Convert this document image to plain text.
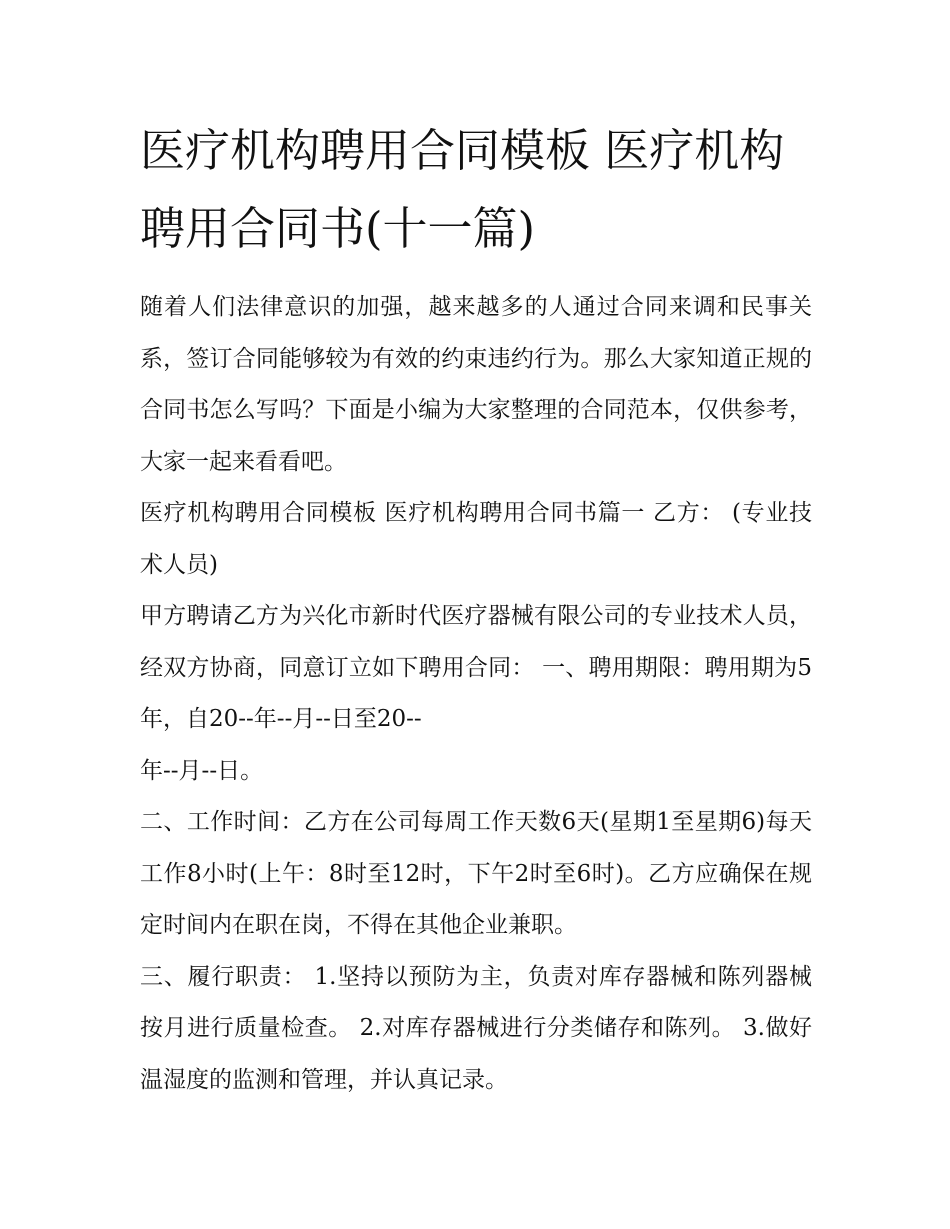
医疗机构聘用合同模板 医疗机构聘用合同书(十一篇)

随着人们法律意识的加强，越来越多的人通过合同来调和民事关系，签订合同能够较为有效的约束违约行为。那么大家知道正规的合同书怎么写吗？下面是小编为大家整理的合同范本，仅供参考，大家一起来看看吧。

医疗机构聘用合同模板 医疗机构聘用合同书篇一 乙方： (专业技术人员)

甲方聘请乙方为兴化市新时代医疗器械有限公司的专业技术人员，经双方协商，同意订立如下聘用合同： 一、聘用期限：聘用期为5年，自20--年--月--日至20--

年--月--日。

二、工作时间：乙方在公司每周工作天数6天(星期1至星期6)每天工作8小时(上午：8时至12时，下午2时至6时)。乙方应确保在规定时间内在职在岗，不得在其他企业兼职。

三、履行职责： 1.坚持以预防为主，负责对库存器械和陈列器械按月进行质量检查。 2.对库存器械进行分类储存和陈列。 3.做好温湿度的监测和管理，并认真记录。
